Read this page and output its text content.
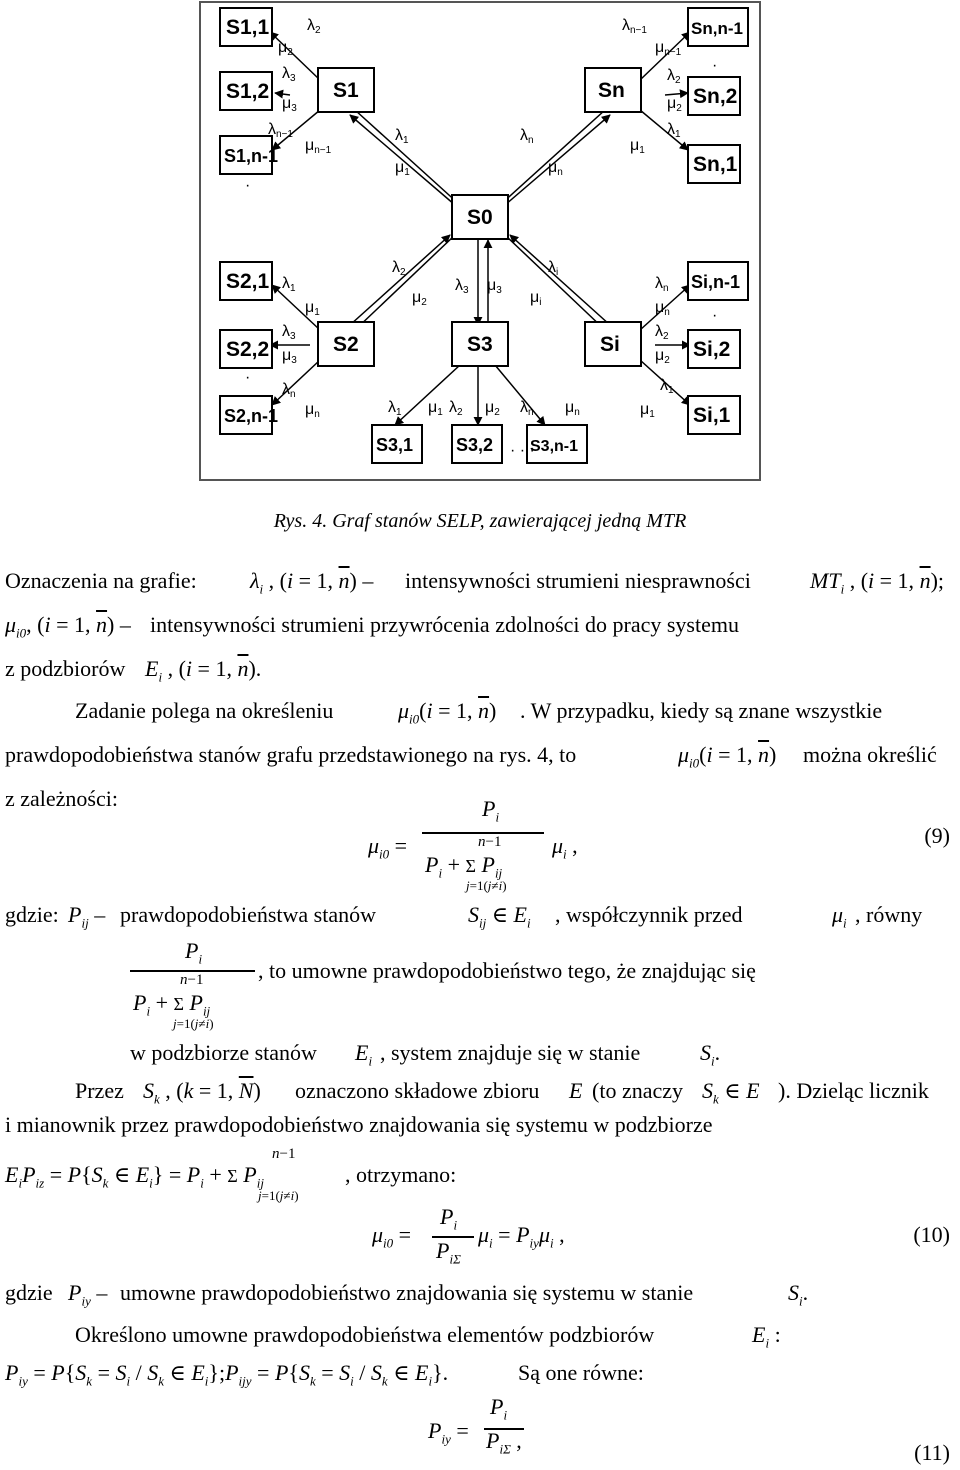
S1,1
S1,2
S1,n-1
S1
Sn,n-1
Sn	Sn,2
Sn,1
S0
S2,1
S2,2
S2,n-1
S2	S3
S3,1 S3,2 S3,n-1
Si
Si,n-1
Si,2
Si,1
λ2
μ2
λ3
μ3
λn−1
μn−1
λ1
μ1
λn
μn
λn−1
μn−1
λ2
μ2
λ1
μ1
λ2
μ2
λ3 μ3
λi
μi
λ1
λ3
μ3
λn
μn
μ1
λn
μn
λ2
μ2
λ1
μ1
λ1 μ1 λ2 μ2 λn μn
·
·
·
·
· · ·
Rys. 4. Graf stanów SELP, zawierającej jedną MTR
Oznaczenia na grafie: $\lambda_i$ , (i = 1, $\overline{n}$) – intensywności strumieni niesprawności	$MT_i$ , (i = 1, $\overline{n}$);
$\mu_{i0}$, (i = 1, $\overline{n}$) – intensywności strumieni przywrócenia zdolności do pracy systemu
z podzbiorów $E_i$ , (i = 1, $\overline{n}$).
Zadanie polega na określeniu	$\mu_{i0}(i = 1$, $\overline{n}$) . W przypadku, kiedy są znane wszystkie
prawdopodobieństwa stanów grafu przedstawionego na rys. 4, to	$\mu_{i0}(i = 1$, $\overline{n}$) można określić
z zależności:
$\mu_{i0}$ =
$P_i$
n−1
$P_i + \Sigma$ $P_{ij}$
j=1(j≠i)
$\mu_i$ ,	(9)
gdzie: $P_{ij}$ – prawdopodobieństwa stanów	$S_{ij}$ ∈ $E_i$ , współczynnik przed	$\mu_i$ , równy
$P_i$
n−1
$P_i + \Sigma$ $P_{ij}$
j=1(j≠i)
, to umowne prawdopodobieństwo tego, że znajdując się
w podzbiorze stanów $E_i$ , system znajduje się w stanie	$S_i$.
Przez $S_k$ , (k = 1, $\overline{N}$) oznaczono składowe zbioru E (to znaczy $S_k$ ∈ E ). Dzieląc licznik
i mianownik przez prawdopodobieństwo znajdowania się systemu w podzbiorze
n−1
$E_iP_{iz} = P\{S_k$ ∈ $E_i\} = P_i + \Sigma$ $P_{ij}$
j=1(j≠i)
, otrzymano:
$\mu_{i0}$ =
$P_i$
$P_{i\Sigma}$
$\mu_i = P_{iy}\mu_i$ ,	(10)
gdzie $P_{iy}$ – umowne prawdopodobieństwo znajdowania się systemu w stanie	$S_i$.
Określono umowne prawdopodobieństwa elementów podzbiorów	$E_i$ :
$P_{iy} = P\{S_k = S_i / S_k$ ∈ $E_i\};P_{ijy} = P\{S_k = S_i / S_k$ ∈ $E_i$}.	Są one równe:
$P_{iy}$ =
$P_i$
$P_{i\Sigma}$ ,	(11)
